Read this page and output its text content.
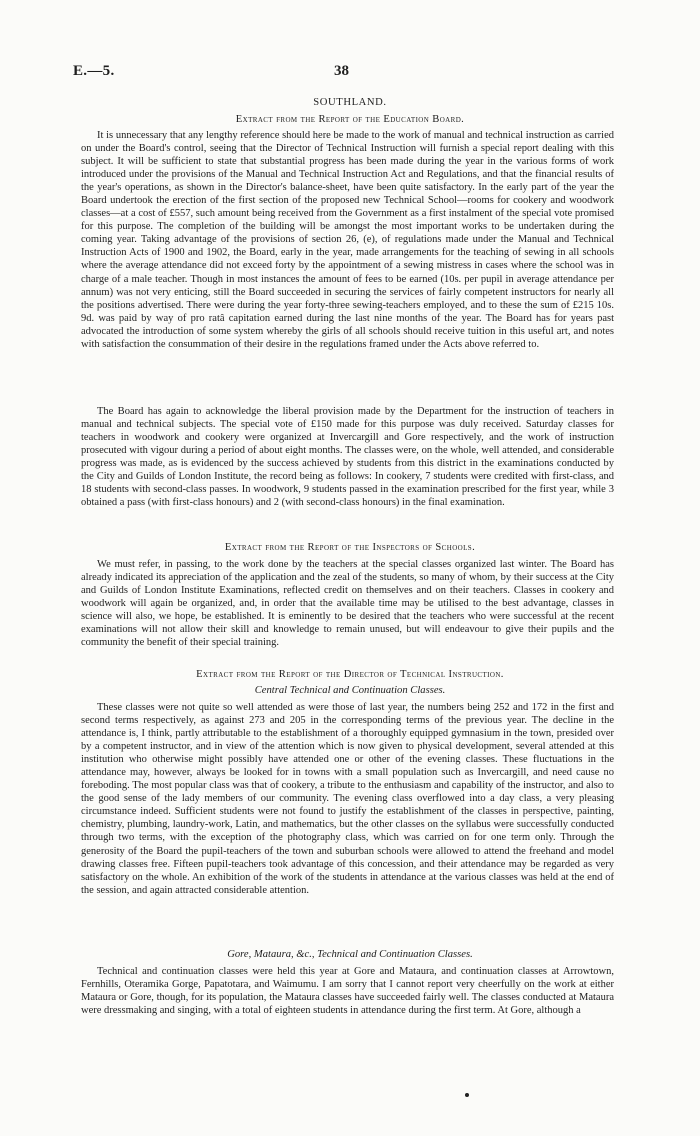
E.—5.	38
SOUTHLAND.
Extract from the Report of the Education Board.

It is unnecessary that any lengthy reference should here be made to the work of manual and technical instruction as carried on under the Board's control, seeing that the Director of Technical Instruction will furnish a special report dealing with this subject. It will be sufficient to state that substantial progress has been made during the year in the various forms of work introduced under the provisions of the Manual and Technical Instruction Act and Regulations, and that the financial results of the year's operations, as shown in the Director's balance-sheet, have been quite satisfactory. In the early part of the year the Board undertook the erection of the first section of the proposed new Technical School—rooms for cookery and woodwork classes—at a cost of £557, such amount being received from the Government as a first instalment of the special vote promised for this purpose. The completion of the building will be amongst the most important works to be undertaken during the coming year. Taking advantage of the provisions of section 26, (e), of regulations made under the Manual and Technical Instruction Acts of 1900 and 1902, the Board, early in the year, made arrangements for the teaching of sewing in all schools where the average attendance did not exceed forty by the appointment of a sewing mistress in cases where the school was in charge of a male teacher. Though in most instances the amount of fees to be earned (10s. per pupil in average attendance per annum) was not very enticing, still the Board succeeded in securing the services of fairly competent instructors for nearly all the positions advertised. There were during the year forty-three sewing-teachers employed, and to these the sum of £215 10s. 9d. was paid by way of pro ratâ capitation earned during the last nine months of the year. The Board has for years past advocated the introduction of some system whereby the girls of all schools should receive tuition in this useful art, and notes with satisfaction the consummation of their desire in the regulations framed under the Acts above referred to.

The Board has again to acknowledge the liberal provision made by the Department for the instruction of teachers in manual and technical subjects. The special vote of £150 made for this purpose was duly received. Saturday classes for teachers in woodwork and cookery were organized at Invercargill and Gore respectively, and the work of instruction prosecuted with vigour during a period of about eight months. The classes were, on the whole, well attended, and considerable progress was made, as is evidenced by the success achieved by students from this district in the examinations conducted by the City and Guilds of London Institute, the record being as follows: In cookery, 7 students were credited with first-class, and 18 students with second-class passes. In woodwork, 9 students passed in the examination prescribed for the first year, while 3 obtained a pass (with first-class honours) and 2 (with second-class honours) in the final examination.

Extract from the Report of the Inspectors of Schools.

We must refer, in passing, to the work done by the teachers at the special classes organized last winter. The Board has already indicated its appreciation of the application and the zeal of the students, so many of whom, by their success at the City and Guilds of London Institute Examinations, reflected credit on themselves and on their teachers. Classes in cookery and woodwork will again be organized, and, in order that the available time may be utilised to the best advantage, classes in science will also, we hope, be established. It is eminently to be desired that the teachers who were successful at the recent examinations will not allow their skill and knowledge to remain unused, but will endeavour to give their pupils and the community the benefit of their special training.

Extract from the Report of the Director of Technical Instruction.
Central Technical and Continuation Classes.

These classes were not quite so well attended as were those of last year, the numbers being 252 and 172 in the first and second terms respectively, as against 273 and 205 in the corresponding terms of the previous year. The decline in the attendance is, I think, partly attributable to the establishment of a thoroughly equipped gymnasium in the town, presided over by a competent instructor, and in view of the attention which is now given to physical development, several attended at this institution who otherwise might possibly have attended one or other of the evening classes. These fluctuations in the attendance may, however, always be looked for in towns with a small population such as Invercargill, and need cause no foreboding. The most popular class was that of cookery, a tribute to the enthusiasm and capability of the instructor, and also to the good sense of the lady members of our community. The evening class overflowed into a day class, a very pleasing circumstance indeed. Sufficient students were not found to justify the establishment of the classes in perspective, painting, chemistry, plumbing, laundry-work, Latin, and mathematics, but the other classes on the syllabus were successfully conducted through two terms, with the exception of the photography class, which was carried on for one term only. Through the generosity of the Board the pupil-teachers of the town and suburban schools were allowed to attend the freehand and model drawing classes free. Fifteen pupil-teachers took advantage of this concession, and their attendance may be regarded as very satisfactory on the whole. An exhibition of the work of the students in attendance at the various classes was held at the end of the session, and again attracted considerable attention.

Gore, Mataura, &c., Technical and Continuation Classes.

Technical and continuation classes were held this year at Gore and Mataura, and continuation classes at Arrowtown, Fernhills, Oteramika Gorge, Papatotara, and Waimumu. I am sorry that I cannot report very cheerfully on the work at either Mataura or Gore, though, for its population, the Mataura classes have succeeded fairly well. The classes conducted at Mataura were dressmaking and singing, with a total of eighteen students in attendance during the first term. At Gore, although a
